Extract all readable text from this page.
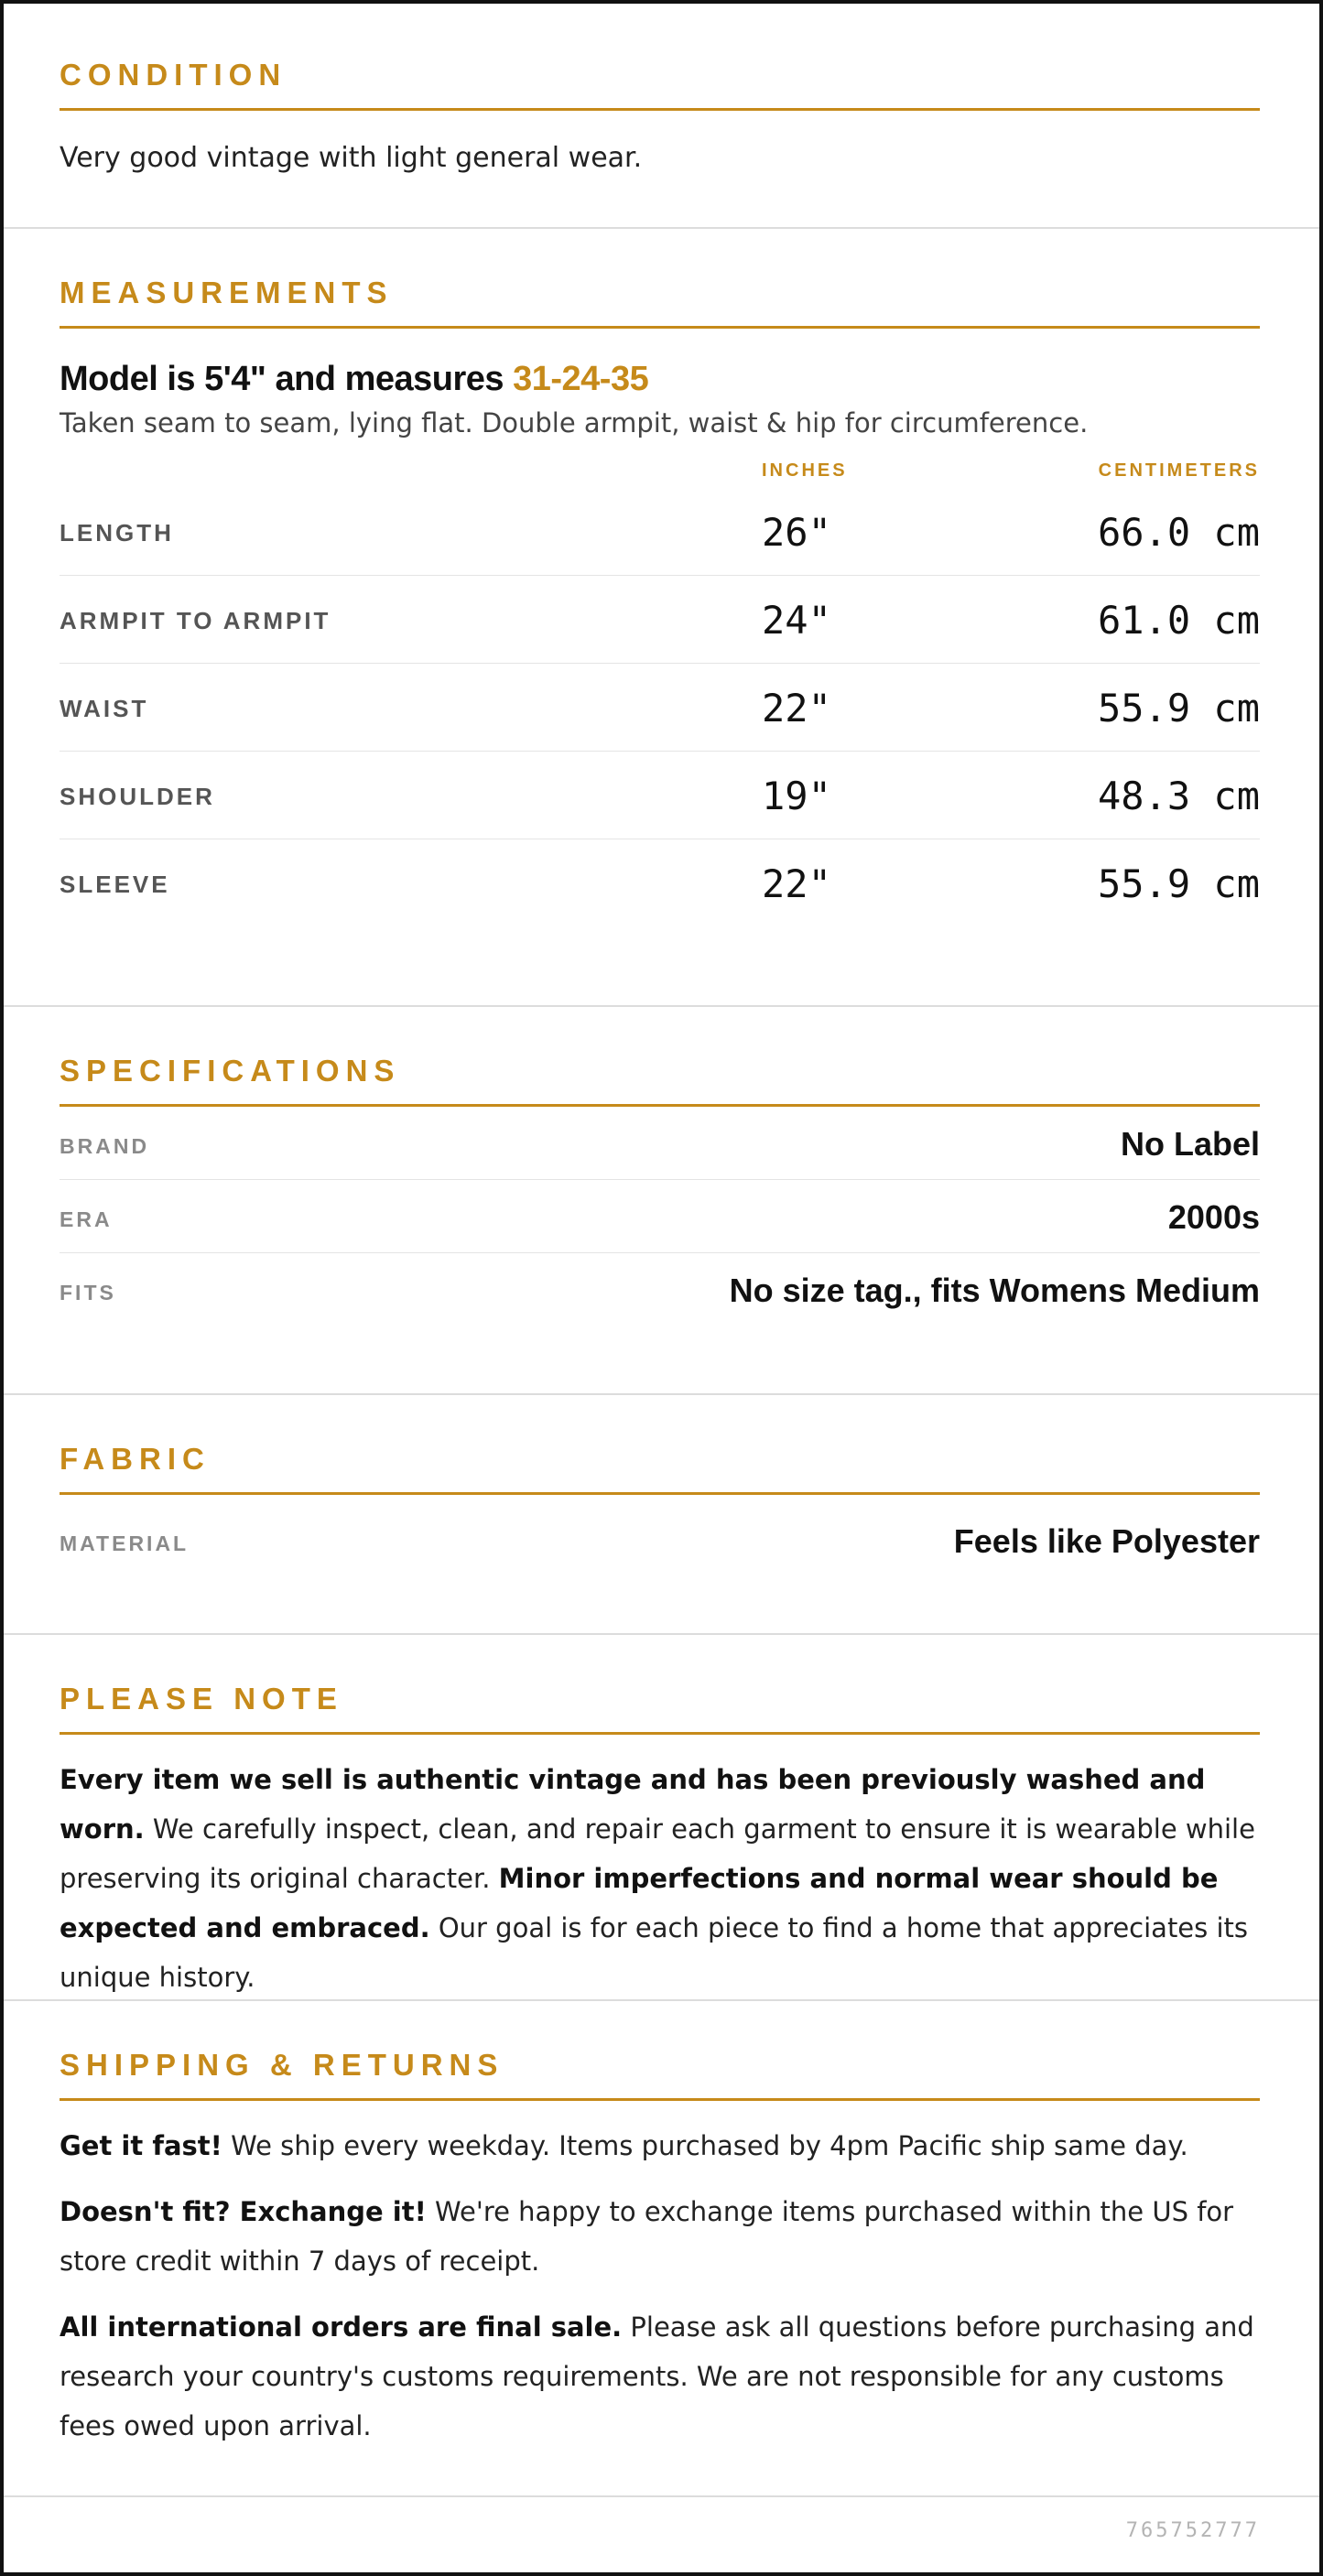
CONDITION
Very good vintage with light general wear.
MEASUREMENTS
Model is 5'4" and measures 31-24-35
Taken seam to seam, lying flat. Double armpit, waist & hip for circumference.
INCHES	CENTIMETERS
LENGTH	26"	66.0 cm
ARMPIT TO ARMPIT	24"	61.0 cm
WAIST	22"	55.9 cm
SHOULDER	19"	48.3 cm
SLEEVE	22"	55.9 cm
SPECIFICATIONS
BRAND	No Label
ERA	2000s
FITS	No size tag., fits Womens Medium
FABRIC
MATERIAL	Feels like Polyester
PLEASE NOTE

Every item we sell is authentic vintage and has been previously washed and worn. We carefully inspect, clean, and repair each garment to ensure it is wearable while preserving its original character. Minor imperfections and normal wear should be expected and embraced. Our goal is for each piece to find a home that appreciates its unique history.

SHIPPING & RETURNS

Get it fast! We ship every weekday. Items purchased by 4pm Pacific ship same day.

Doesn't fit? Exchange it! We're happy to exchange items purchased within the US for store credit within 7 days of receipt.

All international orders are final sale. Please ask all questions before purchasing and research your country's customs requirements. We are not responsible for any customs fees owed upon arrival.

765752777
